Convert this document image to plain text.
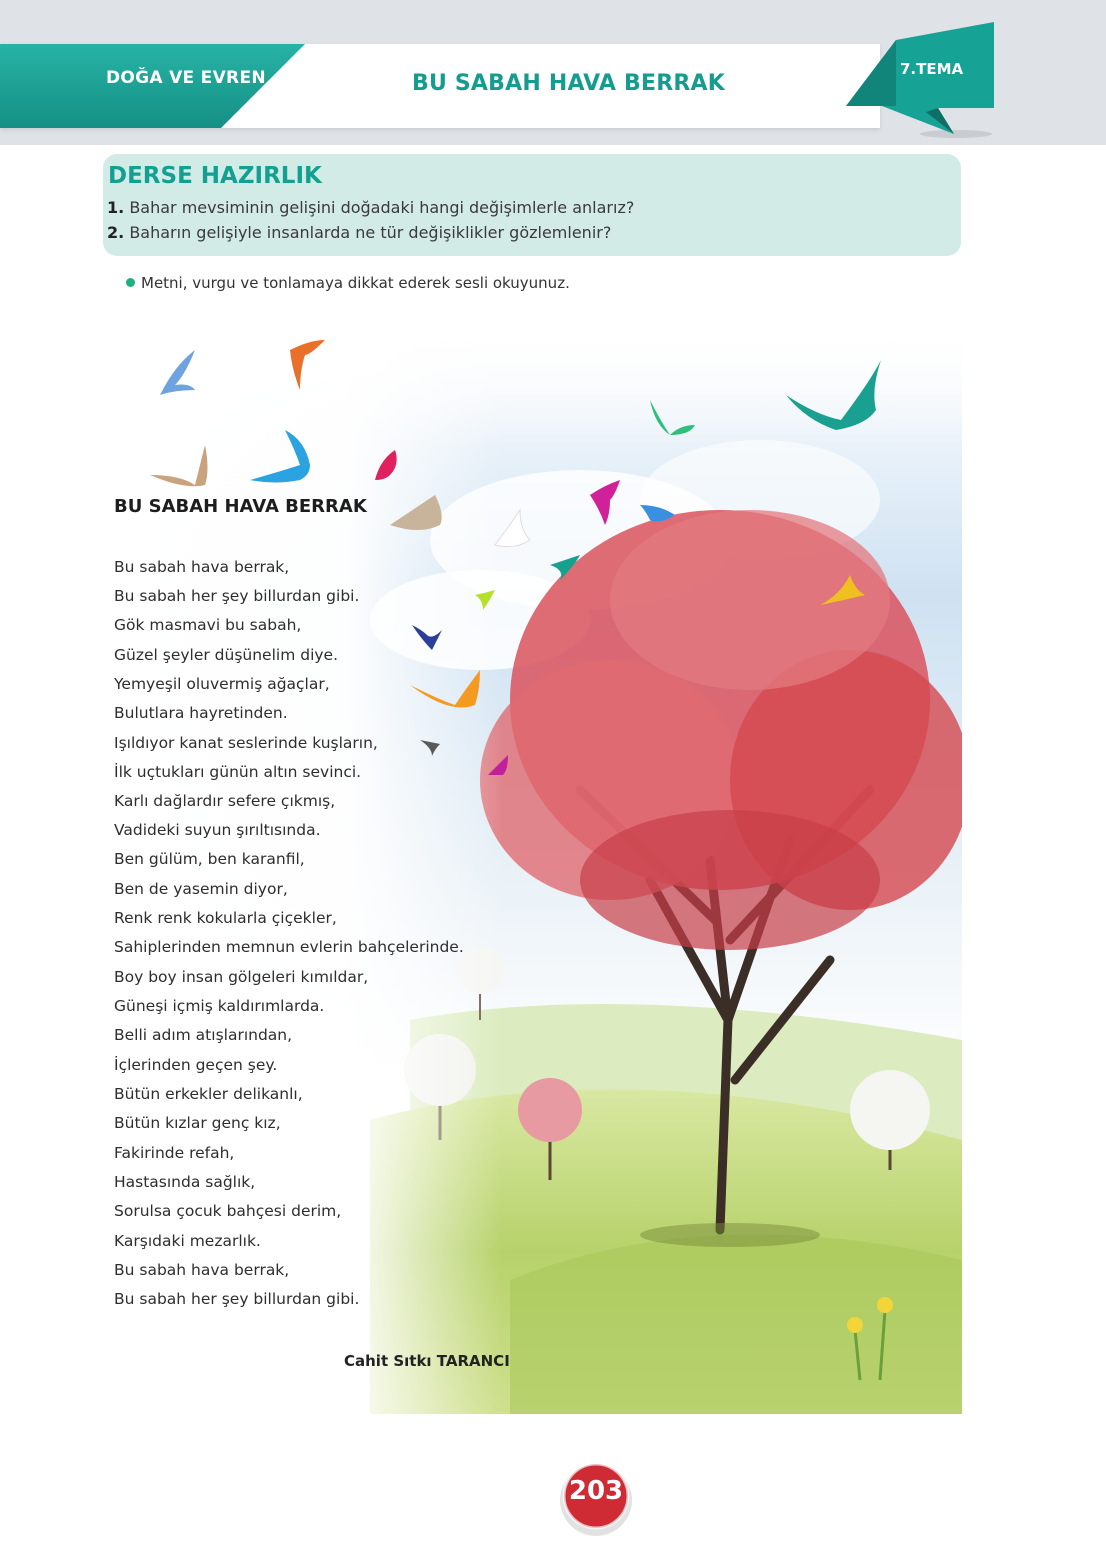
DOĞA VE EVREN	BU SABAH HAVA BERRAK
7.TEMA
DERSE HAZIRLIK
1. Bahar mevsiminin gelişini doğadaki hangi değişimlerle anlarız?
2. Baharın gelişiyle insanlarda ne tür değişiklikler gözlemlenir?
Metni, vurgu ve tonlamaya dikkat ederek sesli okuyunuz.
BU SABAH HAVA BERRAK
Bu sabah hava berrak,
Bu sabah her şey billurdan gibi.
Gök masmavi bu sabah,
Güzel şeyler düşünelim diye.
Yemyeşil oluvermiş ağaçlar,
Bulutlara hayretinden.
Işıldıyor kanat seslerinde kuşların,
İlk uçtukları günün altın sevinci.
Karlı dağlardır sefere çıkmış,
Vadideki suyun şırıltısında.
Ben gülüm, ben karanfil,
Ben de yasemin diyor,
Renk renk kokularla çiçekler,
Sahiplerinden memnun evlerin bahçelerinde.
Boy boy insan gölgeleri kımıldar,
Güneşi içmiş kaldırımlarda.
Belli adım atışlarından,
İçlerinden geçen şey.
Bütün erkekler delikanlı,
Bütün kızlar genç kız,
Fakirinde refah,
Hastasında sağlık,
Sorulsa çocuk bahçesi derim,
Karşıdaki mezarlık.
Bu sabah hava berrak,
Bu sabah her şey billurdan gibi.
Cahit Sıtkı TARANCI
203
